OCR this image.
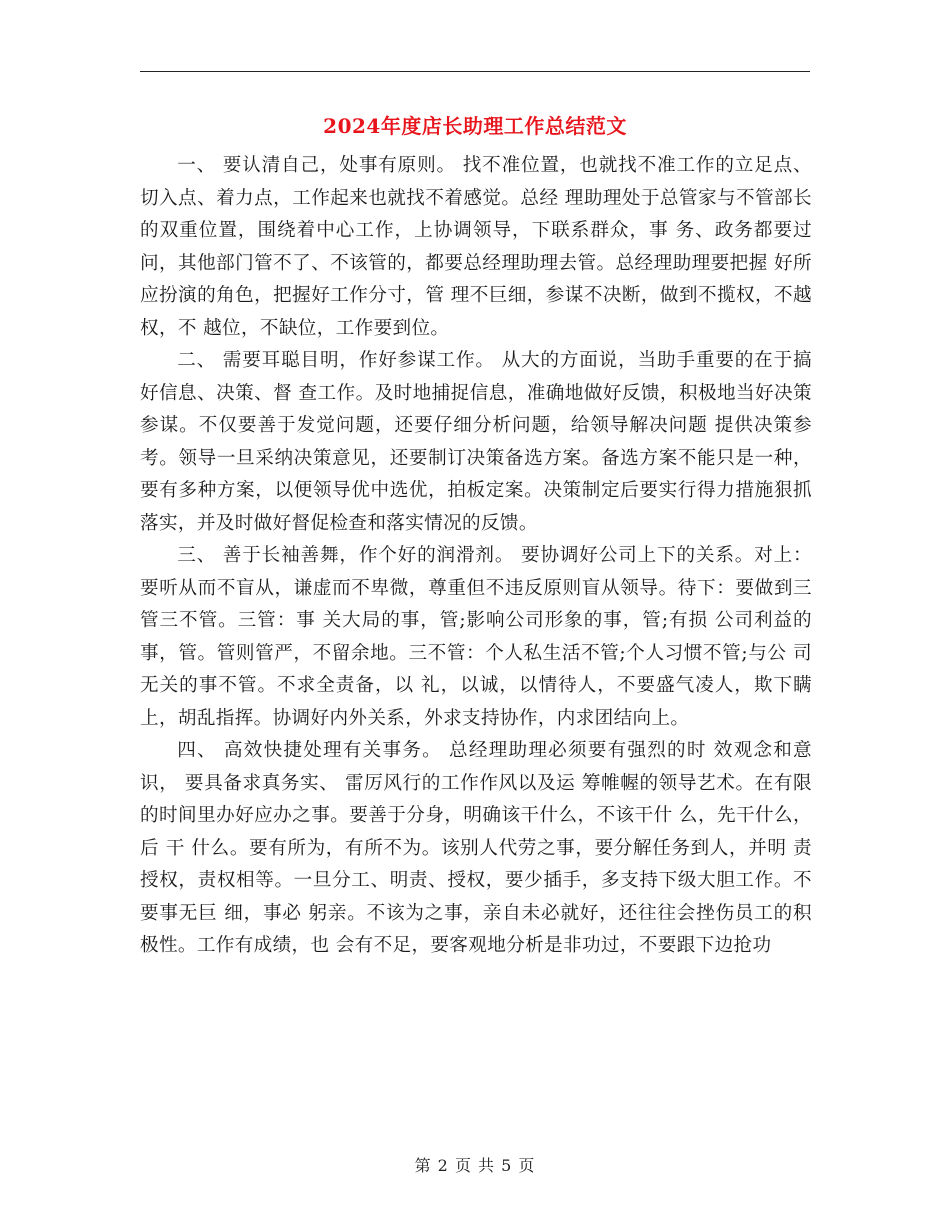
2024年度店长助理工作总结范文

一、 要认清自己，处事有原则。 找不准位置，也就找不准工作的立足点、切入点、着力点，工作起来也就找不着感觉。总经 理助理处于总管家与不管部长的双重位置，围绕着中心工作，上协调领导，下联系群众，事 务、政务都要过问，其他部门管不了、不该管的，都要总经理助理去管。总经理助理要把握 好所应扮演的角色，把握好工作分寸，管 理不巨细，参谋不决断，做到不揽权，不越权，不 越位，不缺位，工作要到位。

二、 需要耳聪目明，作好参谋工作。 从大的方面说，当助手重要的在于搞好信息、决策、督 查工作。及时地捕捉信息，准确地做好反馈，积极地当好决策参谋。不仅要善于发觉问题，还要仔细分析问题，给领导解决问题 提供决策参考。领导一旦采纳决策意见，还要制订决策备选方案。备选方案不能只是一种， 要有多种方案，以便领导优中选优，拍板定案。决策制定后要实行得力措施狠抓落实，并及时做好督促检查和落实情况的反馈。

三、 善于长袖善舞，作个好的润滑剂。 要协调好公司上下的关系。对上：要听从而不盲从，谦虚而不卑微，尊重但不违反原则盲从领导。待下：要做到三管三不管。三管：事 关大局的事，管;影响公司形象的事，管;有损 公司利益的事，管。管则管严，不留余地。三不管：个人私生活不管;个人习惯不管;与公 司无关的事不管。不求全责备，以 礼，以诚，以情待人，不要盛气凌人，欺下瞒上，胡乱指挥。协调好内外关系，外求支持协作，内求团结向上。

四、 高效快捷处理有关事务。 总经理助理必须要有强烈的时 效观念和意识， 要具备求真务实、 雷厉风行的工作作风以及运 筹帷幄的领导艺术。在有限的时间里办好应办之事。要善于分身，明确该干什么，不该干什 么，先干什么，后 干 什么。要有所为，有所不为。该别人代劳之事，要分解任务到人，并明 责授权，责权相等。一旦分工、明责、授权，要少插手，多支持下级大胆工作。不要事无巨 细，事必 躬亲。不该为之事，亲自未必就好，还往往会挫伤员工的积极性。工作有成绩，也 会有不足，要客观地分析是非功过，不要跟下边抢功

第 2 页 共 5 页
